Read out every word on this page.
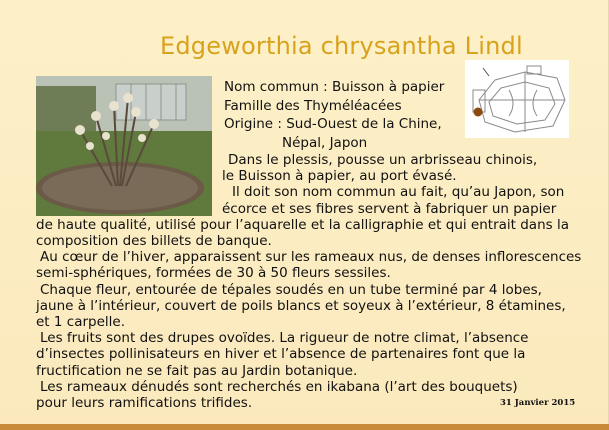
Edgeworthia chrysantha Lindl
Nom commun : Buisson à papier
Famille des Thyméléacées
Origine : Sud-Ouest de la Chine,
Népal, Japon
Dans le plessis, pousse un arbrisseau chinois,
le Buisson à papier, au port évasé.
Il doit son nom commun au fait, qu’au Japon, son
écorce et ses fibres servent à fabriquer un papier
de haute qualité, utilisé pour l’aquarelle et la calligraphie et qui entrait dans la
composition des billets de banque.
Au cœur de l’hiver, apparaissent sur les rameaux nus, de denses inflorescences
semi-sphériques, formées de 30 à 50 fleurs sessiles.
Chaque fleur, entourée de tépales soudés en un tube terminé par 4 lobes,
jaune à l’intérieur, couvert de poils blancs et soyeux à l’extérieur, 8 étamines,
et 1 carpelle.
Les fruits sont des drupes ovoïdes. La rigueur de notre climat, l’absence
d’insectes pollinisateurs en hiver et l’absence de partenaires font que la
fructification ne se fait pas au Jardin botanique.
Les rameaux dénudés sont recherchés en ikabana (l’art des bouquets)
pour leurs ramifications trifides.	31 Janvier 2015
